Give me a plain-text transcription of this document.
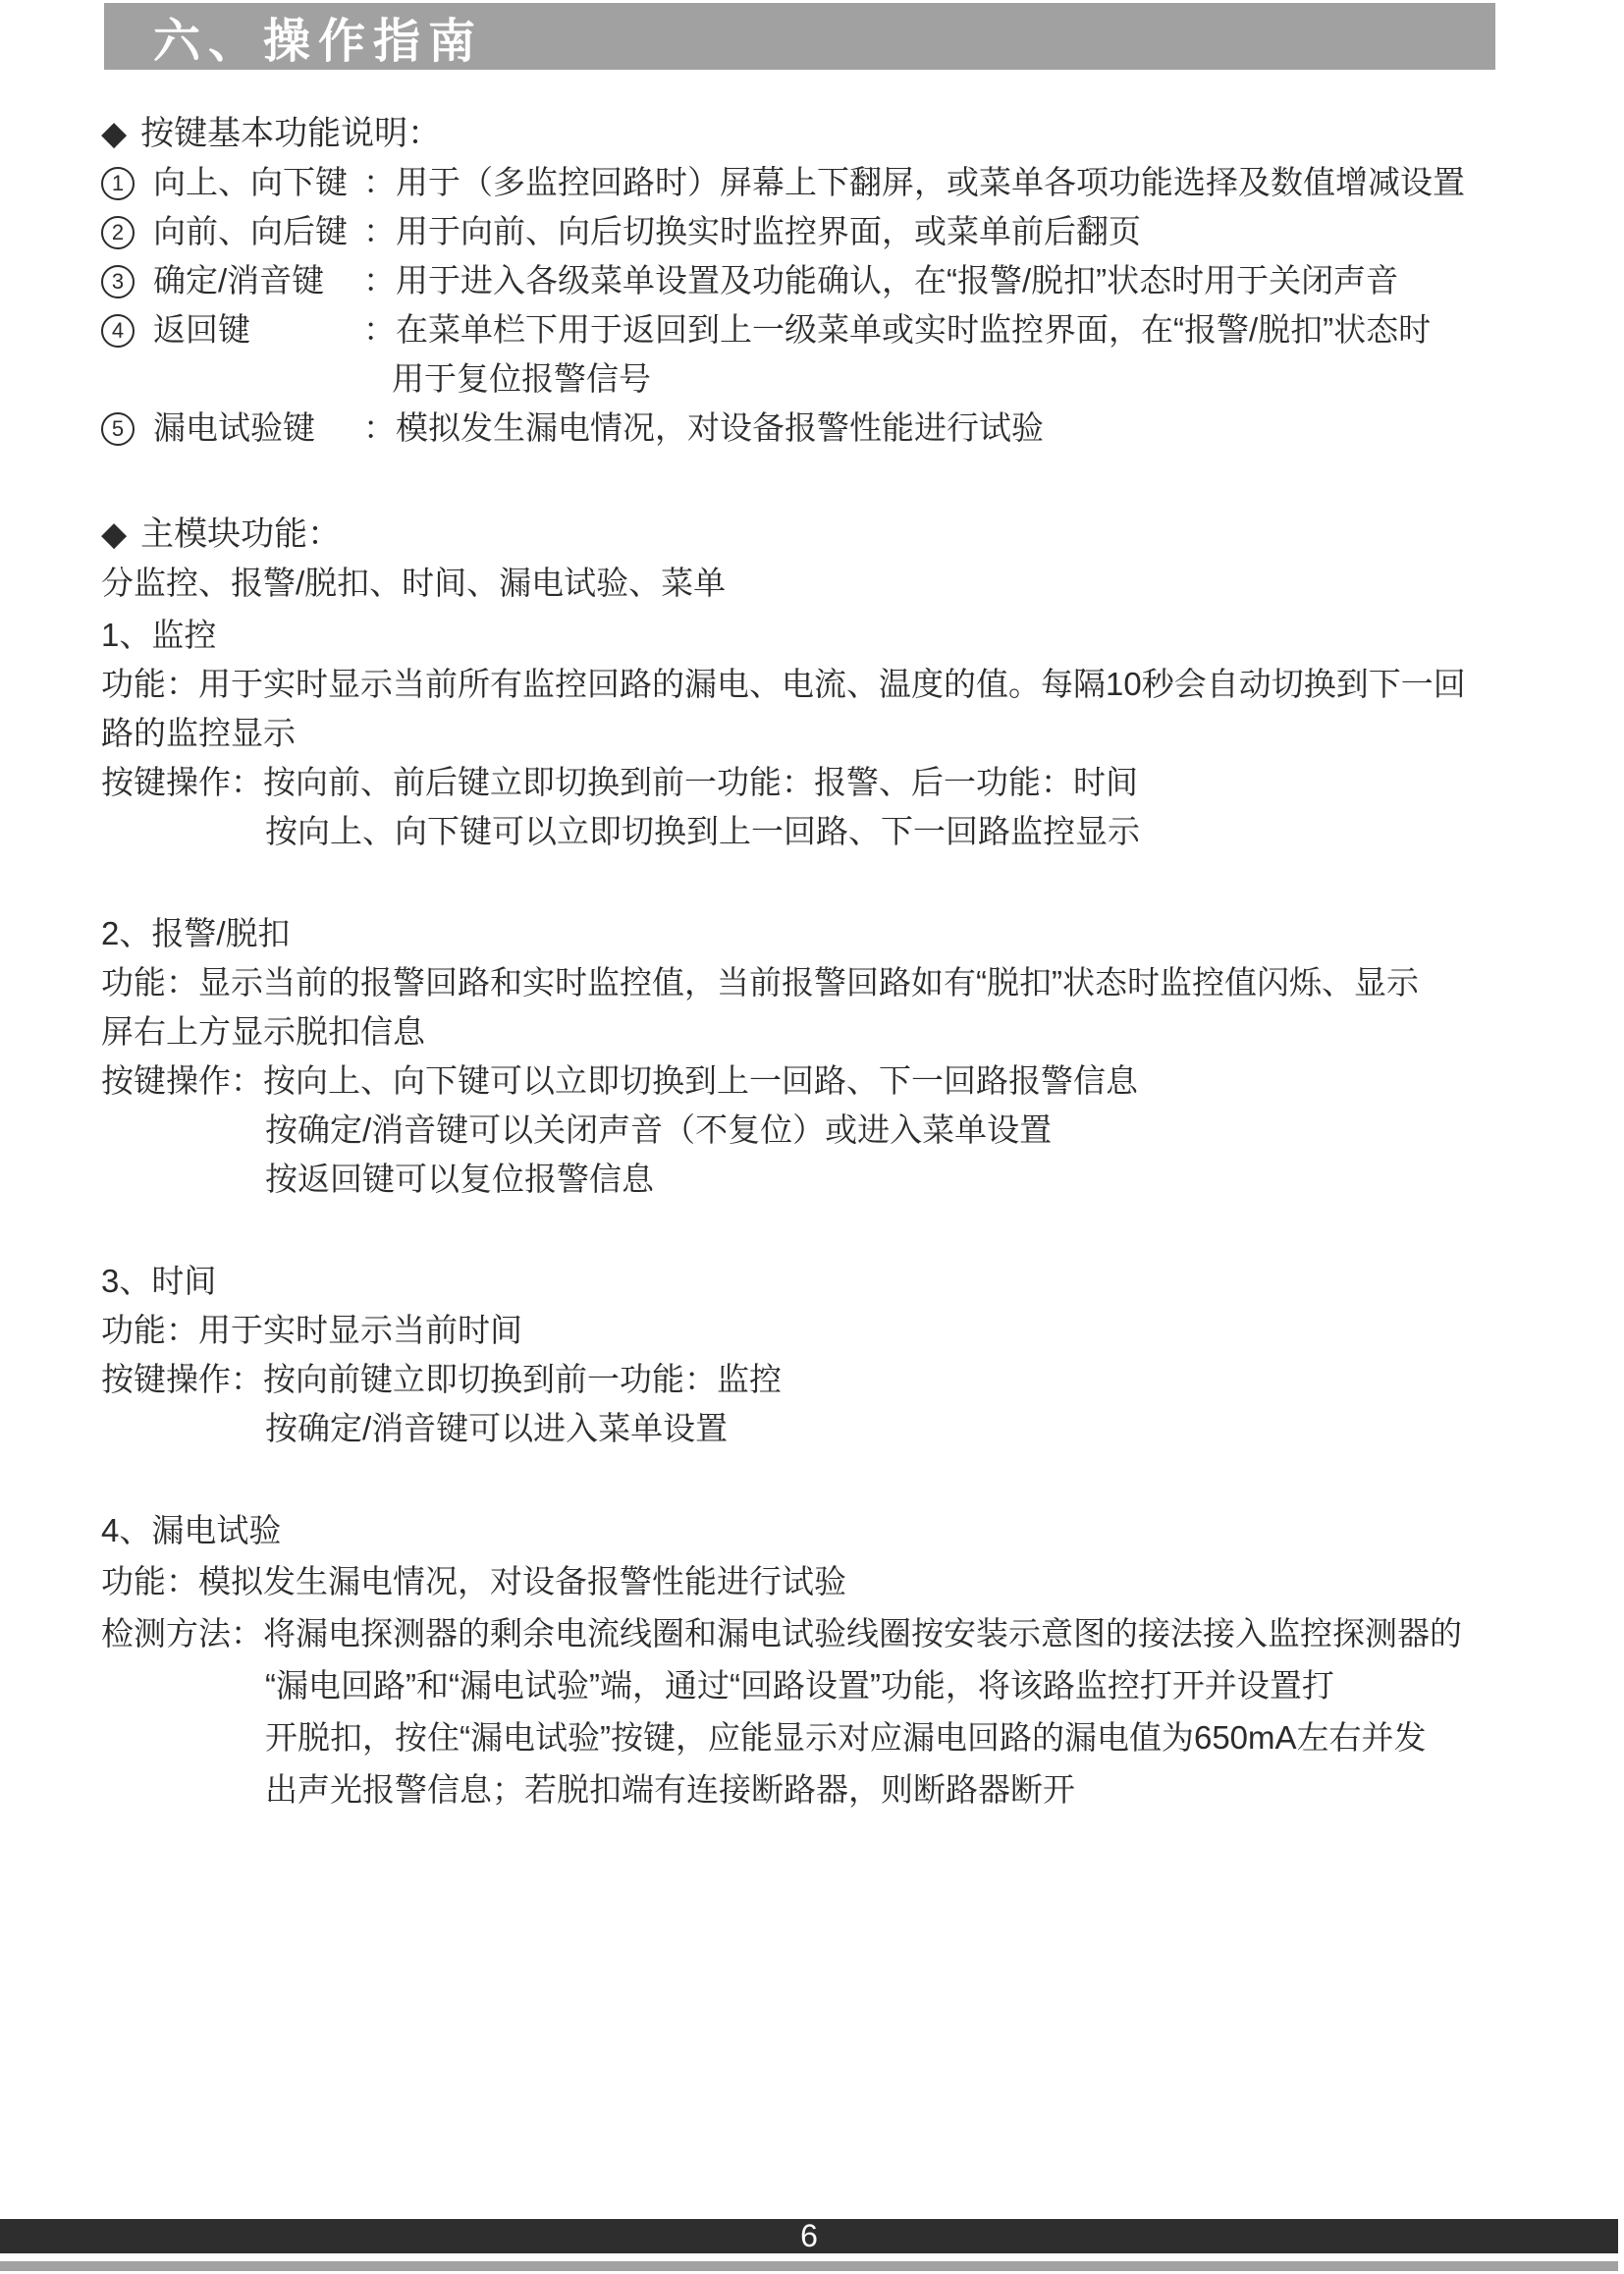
六、操作指南
◆ 按键基本功能说明：
1 向上、向下键 ： 用于（多监控回路时）屏幕上下翻屏，或菜单各项功能选择及数值增减设置
2 向前、向后键 ： 用于向前、向后切换实时监控界面，或菜单前后翻页
3 确定/消音键	： 用于进入各级菜单设置及功能确认，在“报警/脱扣”状态时用于关闭声音
4 返回键	： 在菜单栏下用于返回到上一级菜单或实时监控界面，在“报警/脱扣”状态时
用于复位报警信号
5 漏电试验键	： 模拟发生漏电情况，对设备报警性能进行试验
◆ 主模块功能：
分监控、报警/脱扣、时间、漏电试验、菜单
1、监控
功能：用于实时显示当前所有监控回路的漏电、电流、温度的值。每隔10秒会自动切换到下一回
路的监控显示
按键操作：按向前、前后键立即切换到前一功能：报警、后一功能：时间
按向上、向下键可以立即切换到上一回路、下一回路监控显示
2、报警/脱扣
功能：显示当前的报警回路和实时监控值，当前报警回路如有“脱扣”状态时监控值闪烁、显示
屏右上方显示脱扣信息
按键操作：按向上、向下键可以立即切换到上一回路、下一回路报警信息
按确定/消音键可以关闭声音（不复位）或进入菜单设置
按返回键可以复位报警信息
3、时间
功能：用于实时显示当前时间
按键操作：按向前键立即切换到前一功能：监控
按确定/消音键可以进入菜单设置
4、漏电试验
功能：模拟发生漏电情况，对设备报警性能进行试验
检测方法：将漏电探测器的剩余电流线圈和漏电试验线圈按安装示意图的接法接入监控探测器的
“漏电回路”和“漏电试验”端，通过“回路设置”功能，将该路监控打开并设置打
开脱扣，按住“漏电试验”按键，应能显示对应漏电回路的漏电值为650mA左右并发
出声光报警信息；若脱扣端有连接断路器，则断路器断开
6
